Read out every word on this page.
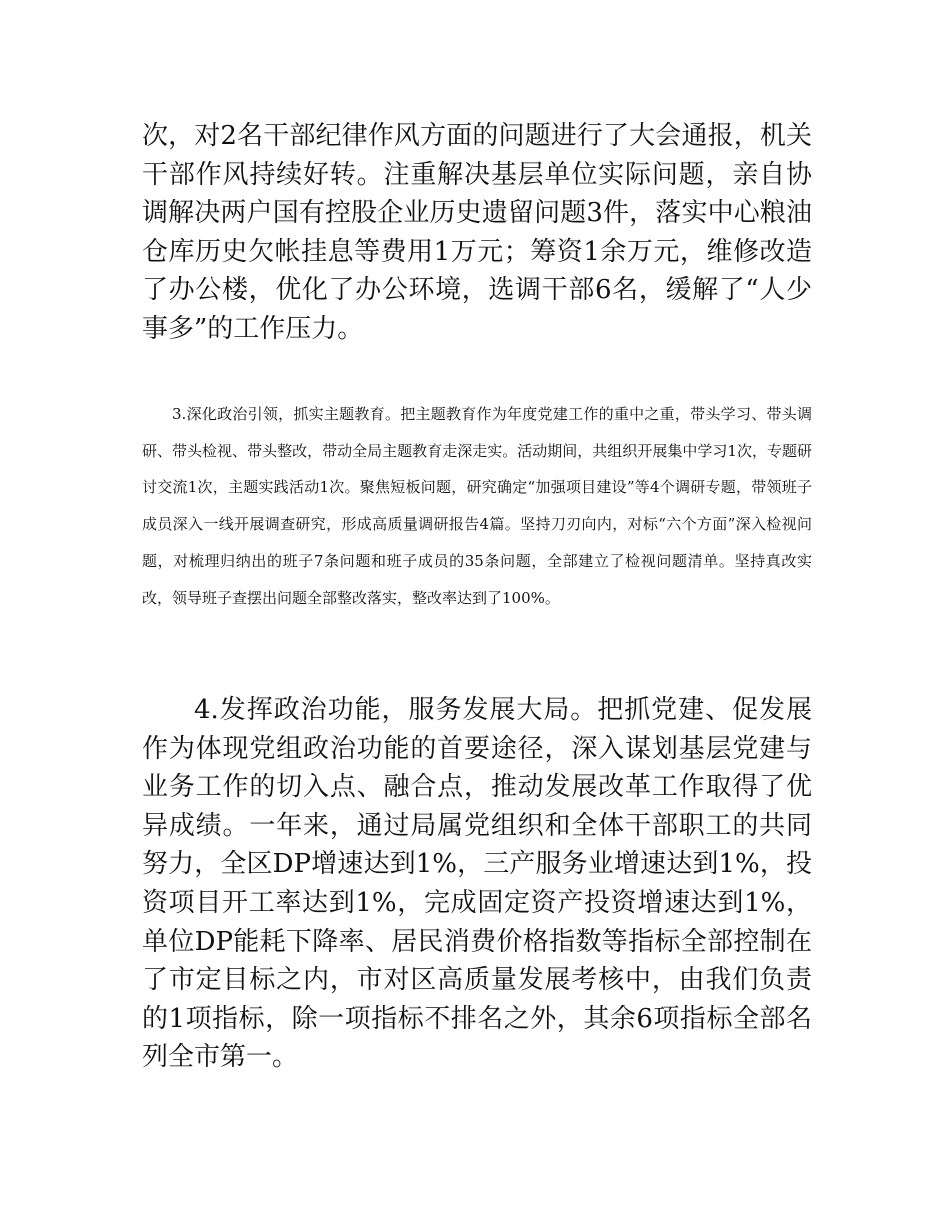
次，对2名干部纪律作风方面的问题进行了大会通报，机关干部作风持续好转。注重解决基层单位实际问题，亲自协调解决两户国有控股企业历史遗留问题3件，落实中心粮油仓库历史欠帐挂息等费用1万元；筹资1余万元，维修改造了办公楼，优化了办公环境，选调干部6名，缓解了“人少事多”的工作压力。

3.深化政治引领，抓实主题教育。把主题教育作为年度党建工作的重中之重，带头学习、带头调研、带头检视、带头整改，带动全局主题教育走深走实。活动期间，共组织开展集中学习1次，专题研讨交流1次，主题实践活动1次。聚焦短板问题，研究确定“加强项目建设”等4个调研专题，带领班子成员深入一线开展调查研究，形成高质量调研报告4篇。坚持刀刃向内，对标“六个方面”深入检视问题，对梳理归纳出的班子7条问题和班子成员的35条问题，全部建立了检视问题清单。坚持真改实改，领导班子查摆出问题全部整改落实，整改率达到了100%。

4.发挥政治功能，服务发展大局。把抓党建、促发展作为体现党组政治功能的首要途径，深入谋划基层党建与业务工作的切入点、融合点，推动发展改革工作取得了优异成绩。一年来，通过局属党组织和全体干部职工的共同努力，全区DP增速达到1%，三产服务业增速达到1%，投资项目开工率达到1%，完成固定资产投资增速达到1%，单位DP能耗下降率、居民消费价格指数等指标全部控制在了市定目标之内，市对区高质量发展考核中，由我们负责的1项指标，除一项指标不排名之外，其余6项指标全部名列全市第一。
